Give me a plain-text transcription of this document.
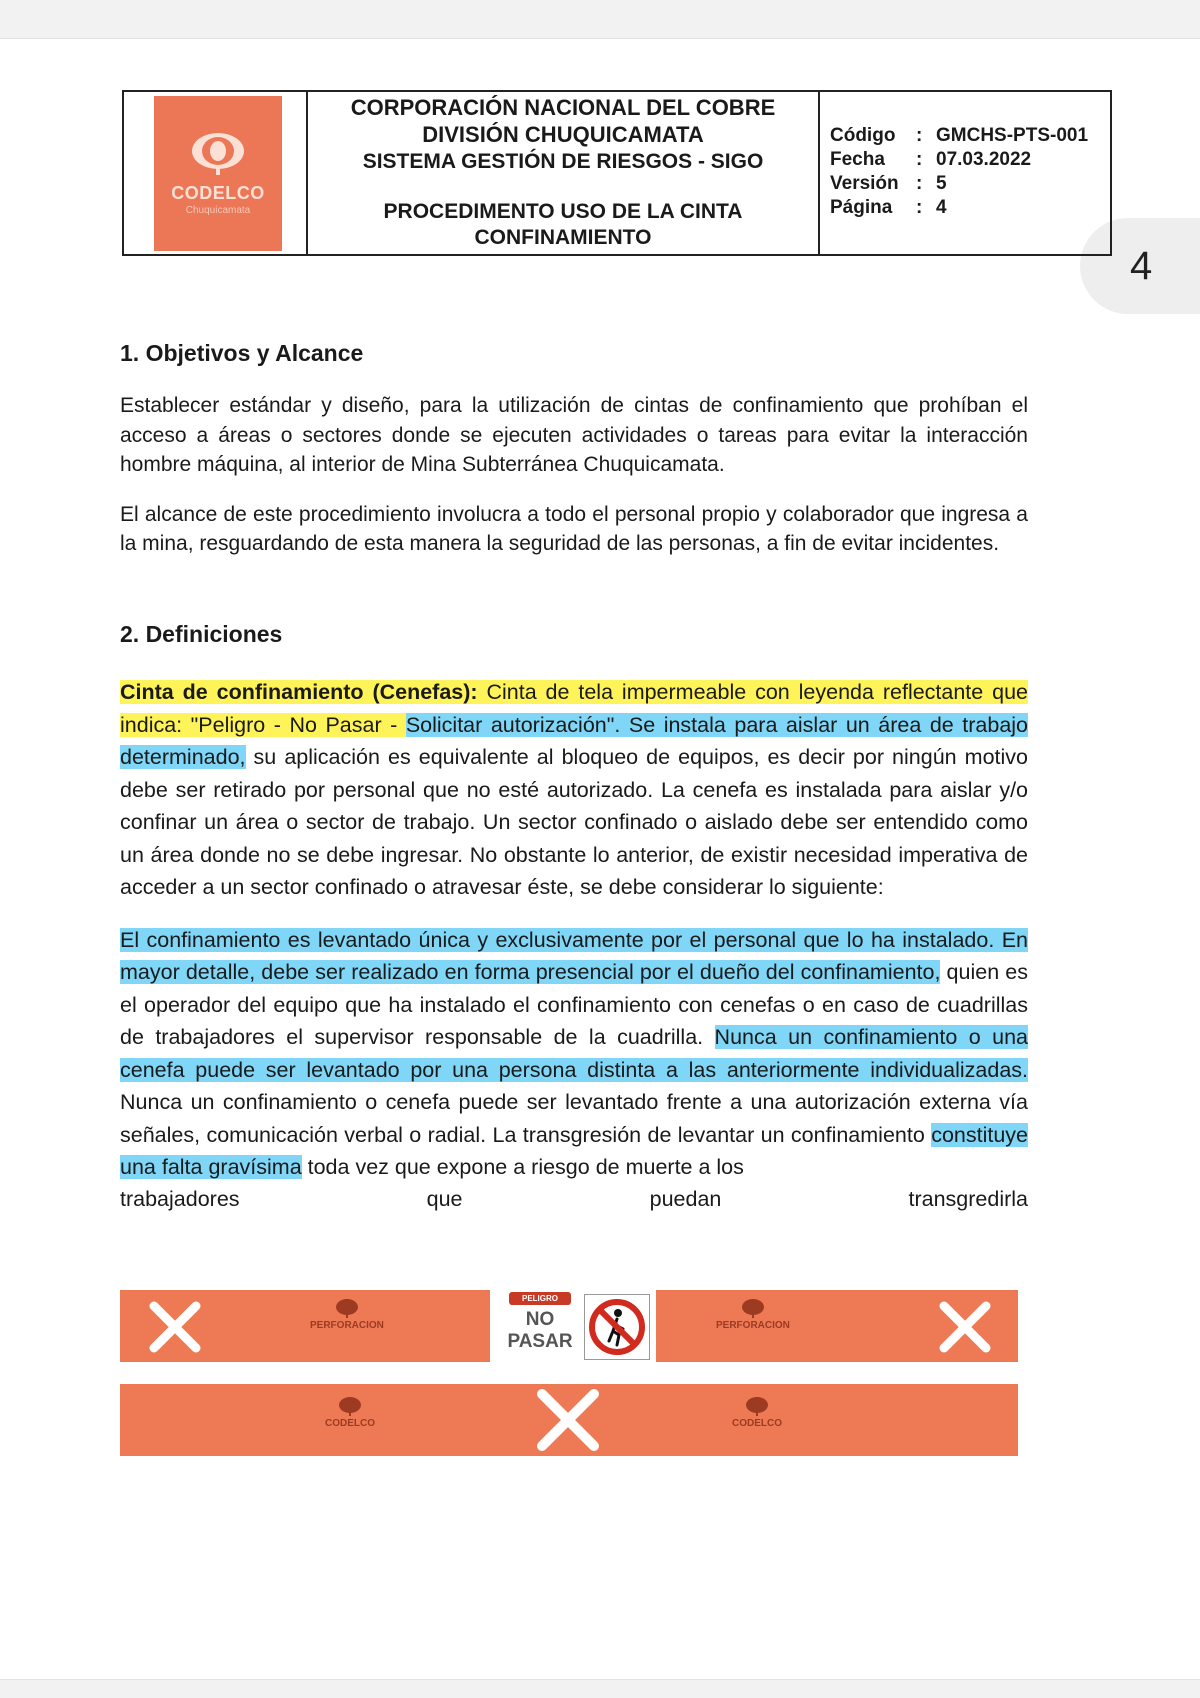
4
CODELCO
Chuquicamata
CORPORACIÓN NACIONAL DEL COBRE
DIVISIÓN CHUQUICAMATA
SISTEMA GESTIÓN DE RIESGOS - SIGO
PROCEDIMENTO USO DE LA CINTA
CONFINAMIENTO
Código	: GMCHS-PTS-001
Fecha	: 07.03.2022
Versión : 5
Página	: 4
1. Objetivos y Alcance
Establecer estándar y diseño, para la utilización de cintas de confinamiento que prohíban el acceso a áreas o sectores donde se ejecuten actividades o tareas para evitar la interacción hombre máquina, al interior de Mina Subterránea Chuquicamata.
El alcance de este procedimiento involucra a todo el personal propio y colaborador que ingresa a la mina, resguardando de esta manera la seguridad de las personas, a fin de evitar incidentes.
2. Definiciones
Cinta de confinamiento (Cenefas): Cinta de tela impermeable con leyenda reflectante que indica: "Peligro - No Pasar - Solicitar autorización". Se instala para aislar un área de trabajo determinado, su aplicación es equivalente al bloqueo de equipos, es decir por ningún motivo debe ser retirado por personal que no esté autorizado. La cenefa es instalada para aislar y/o confinar un área o sector de trabajo. Un sector confinado o aislado debe ser entendido como un área donde no se debe ingresar. No obstante lo anterior, de existir necesidad imperativa de acceder a un sector confinado o atravesar éste, se debe considerar lo siguiente:
El confinamiento es levantado única y exclusivamente por el personal que lo ha instalado. En mayor detalle, debe ser realizado en forma presencial por el dueño del confinamiento, quien es el operador del equipo que ha instalado el confinamiento con cenefas o en caso de cuadrillas de trabajadores el supervisor responsable de la cuadrilla. Nunca un confinamiento o una cenefa puede ser levantado por una persona distinta a las anteriormente individualizadas. Nunca un confinamiento o cenefa puede ser levantado frente a una autorización externa vía señales, comunicación verbal o radial. La transgresión de levantar un confinamiento constituye una falta gravísima toda vez que expone a riesgo de muerte a los
trabajadores	que	puedan	transgredirla
PERFORACION
PELIGRO
NO
PASAR
PERFORACION
CODELCO	CODELCO
